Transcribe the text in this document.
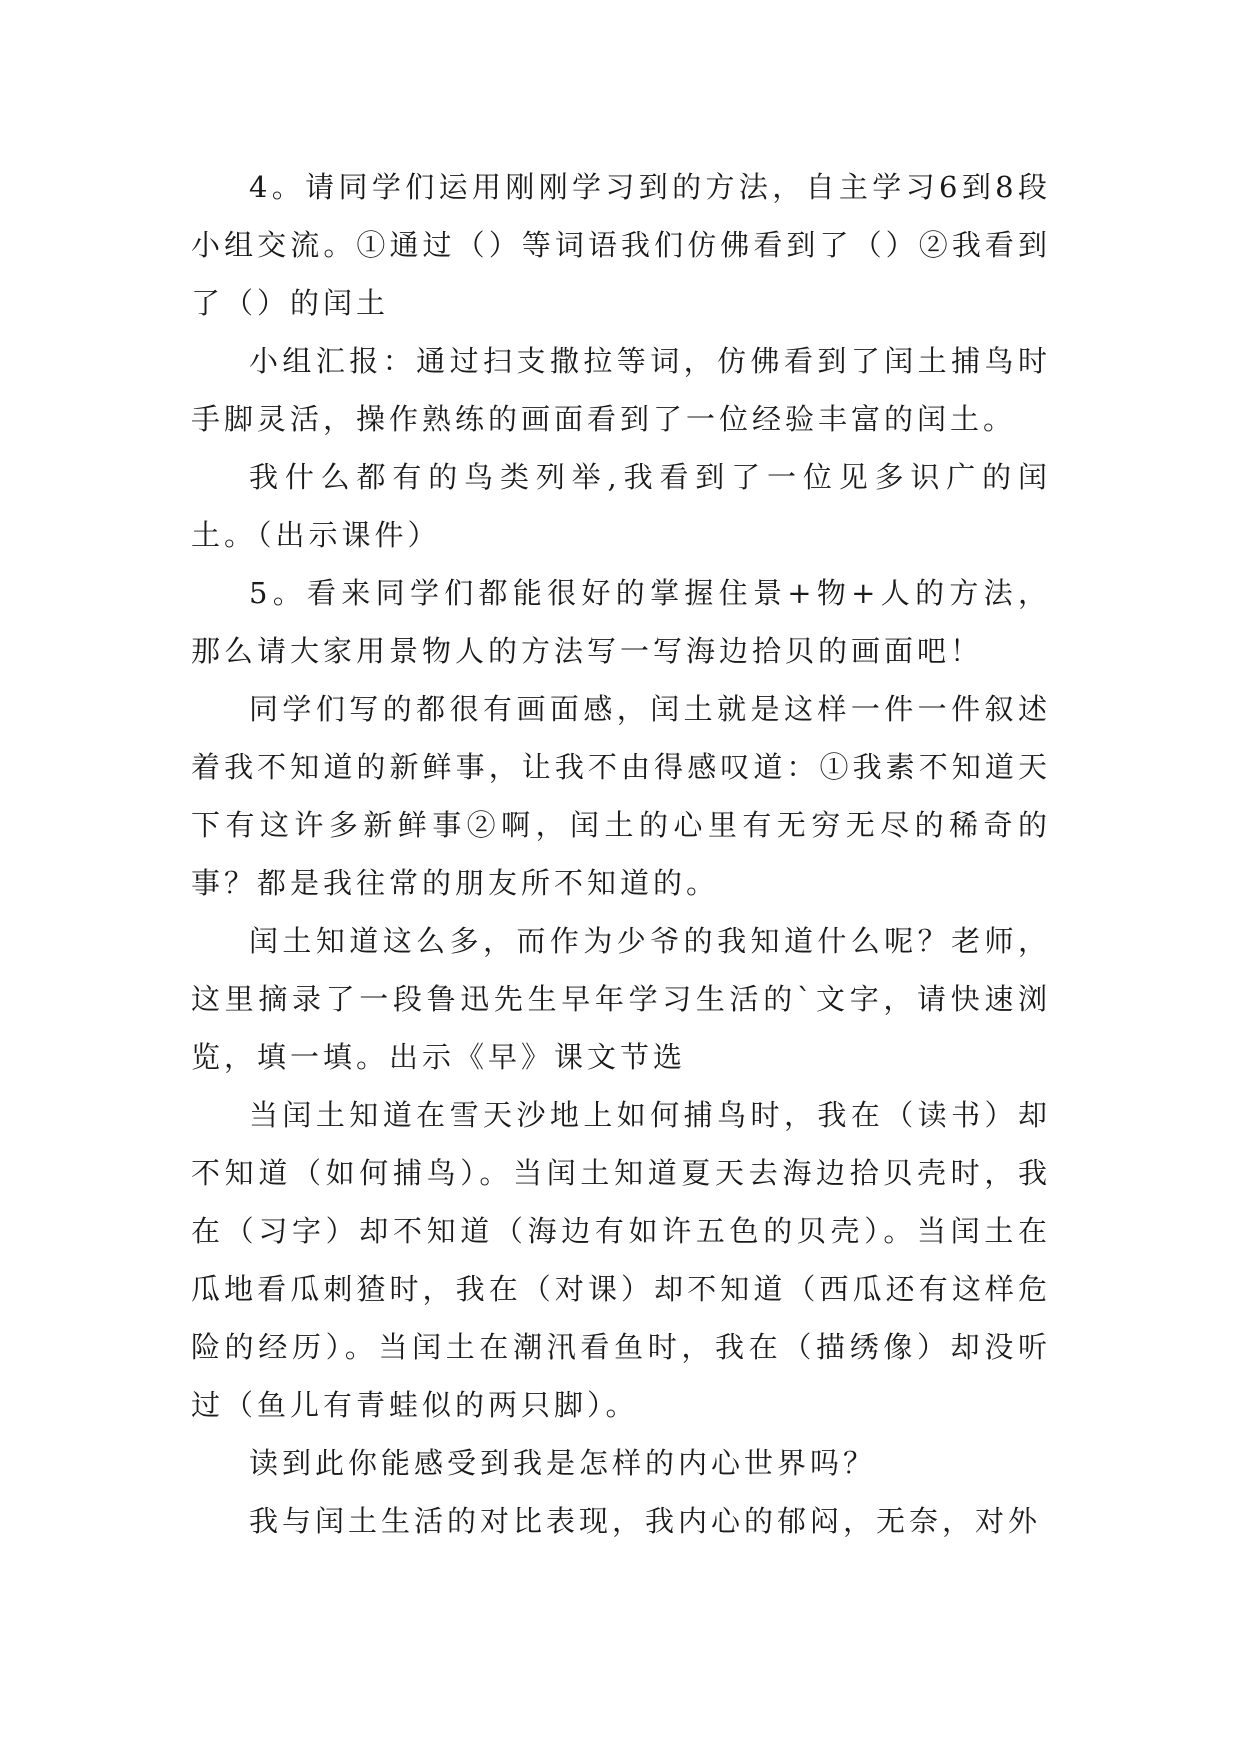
4。请同学们运用刚刚学习到的方法，自主学习6到8段小组交流。①通过（）等词语我们仿佛看到了（）②我看到了（）的闰土

小组汇报：通过扫支撒拉等词，仿佛看到了闰土捕鸟时手脚灵活，操作熟练的画面看到了一位经验丰富的闰土。

我什么都有的鸟类列举,我看到了一位见多识广的闰土。（出示课件）

5。看来同学们都能很好的掌握住景+物+人的方法，那么请大家用景物人的方法写一写海边拾贝的画面吧！

同学们写的都很有画面感，闰土就是这样一件一件叙述着我不知道的新鲜事，让我不由得感叹道：①我素不知道天下有这许多新鲜事②啊，闰土的心里有无穷无尽的稀奇的事？都是我往常的朋友所不知道的。

闰土知道这么多，而作为少爷的我知道什么呢？老师，这里摘录了一段鲁迅先生早年学习生活的`文字，请快速浏览，填一填。出示《早》课文节选

当闰土知道在雪天沙地上如何捕鸟时，我在（读书）却不知道（如何捕鸟）。当闰土知道夏天去海边拾贝壳时，我在（习字）却不知道（海边有如许五色的贝壳）。当闰土在瓜地看瓜刺猹时，我在（对课）却不知道（西瓜还有这样危险的经历）。当闰土在潮汛看鱼时，我在（描绣像）却没听过（鱼儿有青蛙似的两只脚）。

读到此你能感受到我是怎样的内心世界吗？

我与闰土生活的对比表现，我内心的郁闷，无奈，对外
